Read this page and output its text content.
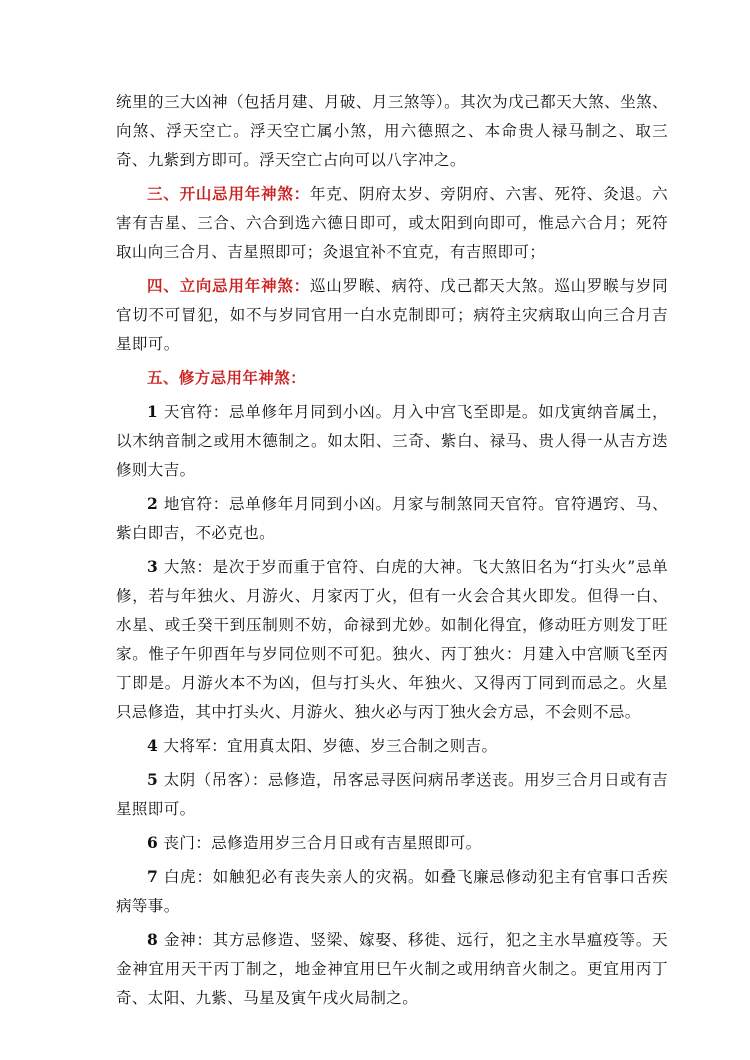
统里的三大凶神（包括月建、月破、月三煞等）。其次为戊己都天大煞、坐煞、向煞、浮天空亡。浮天空亡属小煞，用六德照之、本命贵人禄马制之、取三奇、九紫到方即可。浮天空亡占向可以八字冲之。

三、开山忌用年神煞：年克、阴府太岁、旁阴府、六害、死符、灸退。六害有吉星、三合、六合到选六德日即可，或太阳到向即可，惟忌六合月；死符取山向三合月、吉星照即可；灸退宜补不宜克，有吉照即可；

四、立向忌用年神煞：巡山罗睺、病符、戊己都天大煞。巡山罗睺与岁同官切不可冒犯，如不与岁同官用一白水克制即可；病符主灾病取山向三合月吉星即可。

五、修方忌用年神煞：

1 天官符：忌单修年月同到小凶。月入中宫飞至即是。如戊寅纳音属土，以木纳音制之或用木德制之。如太阳、三奇、紫白、禄马、贵人得一从吉方迭修则大吉。

2 地官符：忌单修年月同到小凶。月家与制煞同天官符。官符遇窍、马、紫白即吉，不必克也。

3 大煞：是次于岁而重于官符、白虎的大神。飞大煞旧名为“打头火”忌单修，若与年独火、月游火、月家丙丁火，但有一火会合其火即发。但得一白、水星、或壬癸干到压制则不妨，命禄到尤妙。如制化得宜，修动旺方则发丁旺家。惟子午卯酉年与岁同位则不可犯。独火、丙丁独火：月建入中宫顺飞至丙丁即是。月游火本不为凶，但与打头火、年独火、又得丙丁同到而忌之。火星只忌修造，其中打头火、月游火、独火必与丙丁独火会方忌，不会则不忌。

4 大将军：宜用真太阳、岁德、岁三合制之则吉。

5 太阴（吊客）：忌修造，吊客忌寻医问病吊孝送丧。用岁三合月日或有吉星照即可。

6 丧门：忌修造用岁三合月日或有吉星照即可。

7 白虎：如触犯必有丧失亲人的灾祸。如叠飞廉忌修动犯主有官事口舌疾病等事。

8 金神：其方忌修造、竖梁、嫁娶、移徙、远行，犯之主水旱瘟疫等。天金神宜用天干丙丁制之，地金神宜用巳午火制之或用纳音火制之。更宜用丙丁奇、太阳、九紫、马星及寅午戌火局制之。
